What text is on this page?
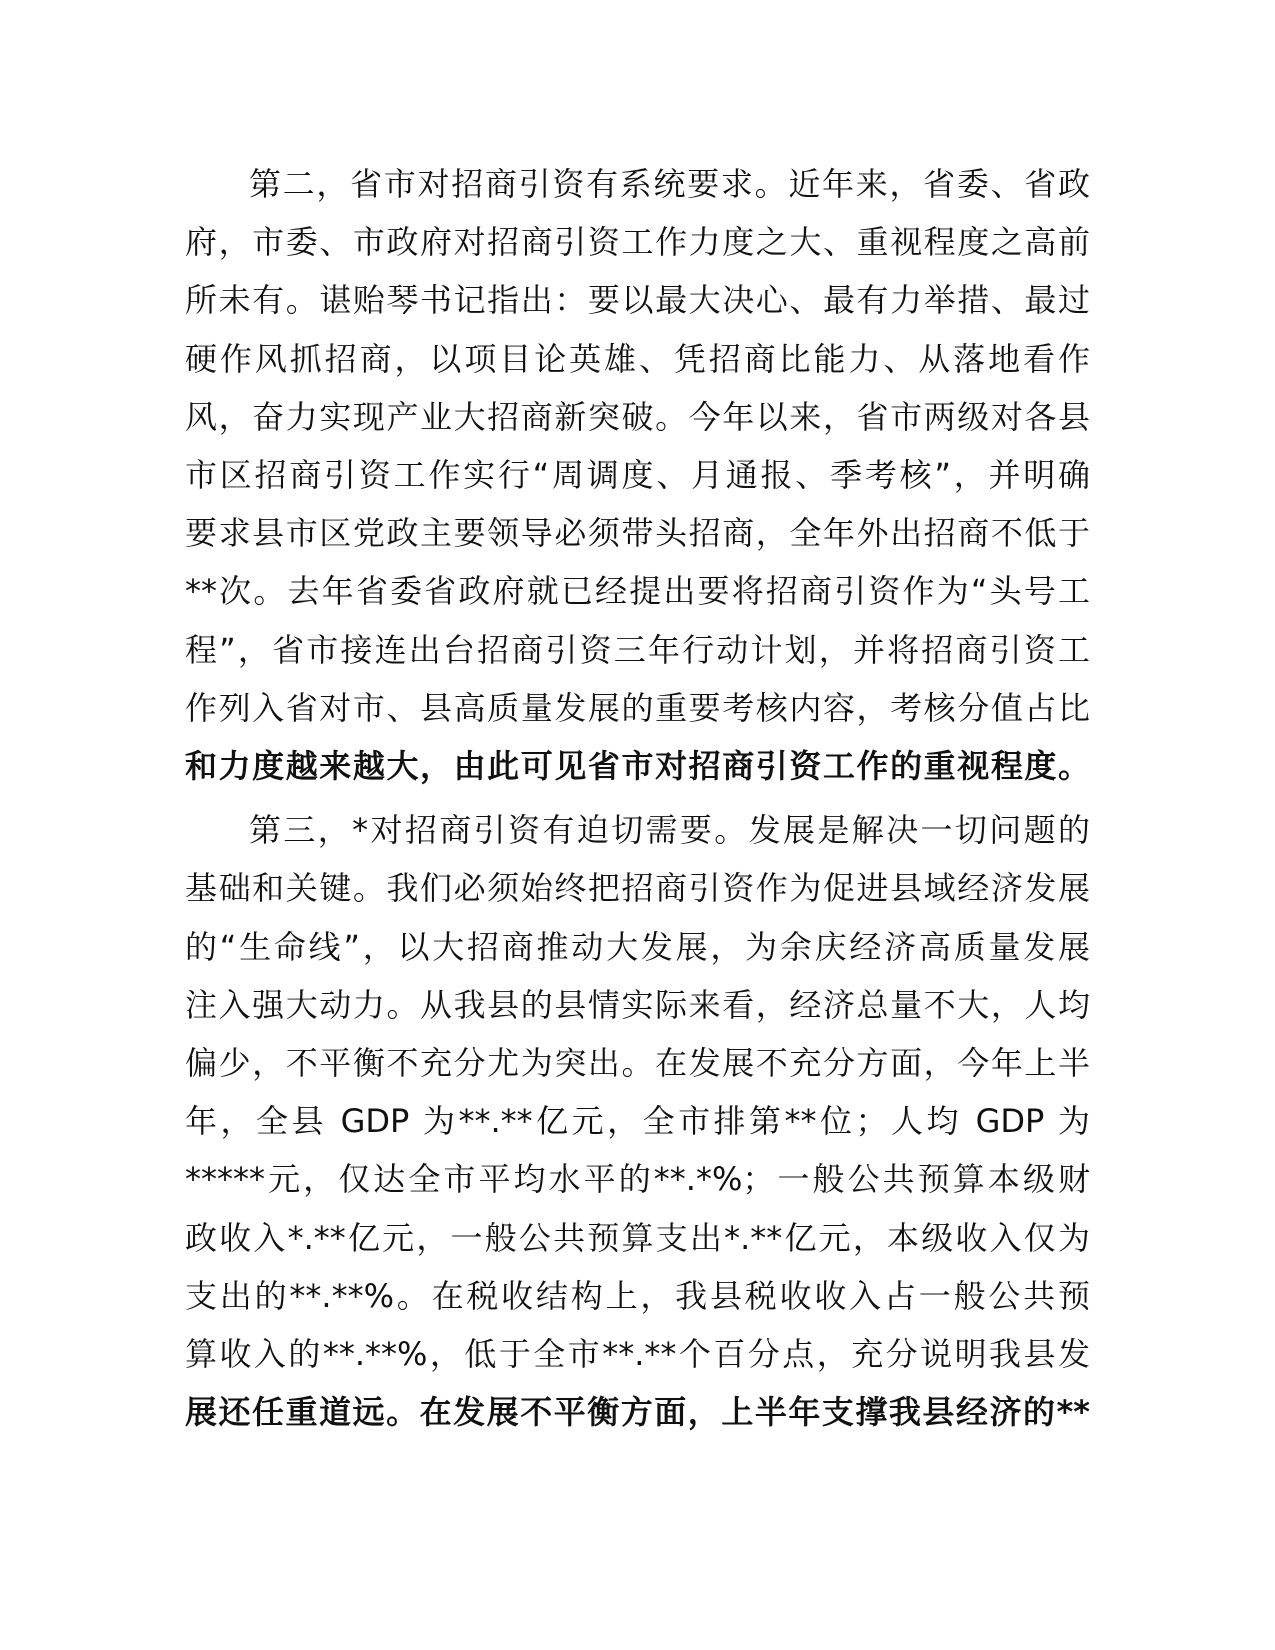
第二，省市对招商引资有系统要求。近年来，省委、省政
府，市委、市政府对招商引资工作力度之大、重视程度之高前
所未有。谌贻琴书记指出：要以最大决心、最有力举措、最过
硬作风抓招商，以项目论英雄、凭招商比能力、从落地看作
风，奋力实现产业大招商新突破。今年以来，省市两级对各县
市区招商引资工作实行“周调度、月通报、季考核”，并明确
要求县市区党政主要领导必须带头招商，全年外出招商不低于
**次。去年省委省政府就已经提出要将招商引资作为“头号工
程”，省市接连出台招商引资三年行动计划，并将招商引资工
作列入省对市、县高质量发展的重要考核内容，考核分值占比
和力度越来越大，由此可见省市对招商引资工作的重视程度。

第三，*对招商引资有迫切需要。发展是解决一切问题的
基础和关键。我们必须始终把招商引资作为促进县域经济发展
的“生命线”，以大招商推动大发展，为余庆经济高质量发展
注入强大动力。从我县的县情实际来看，经济总量不大，人均
偏少，不平衡不充分尤为突出。在发展不充分方面，今年上半
年，全县 GDP 为**.**亿元，全市排第**位；人均 GDP 为
*****元，仅达全市平均水平的**.*%；一般公共预算本级财
政收入*.**亿元，一般公共预算支出*.**亿元，本级收入仅为
支出的**.**%。在税收结构上，我县税收收入占一般公共预
算收入的**.**%，低于全市**.**个百分点，充分说明我县发
展还任重道远。在发展不平衡方面，上半年支撑我县经济的**
